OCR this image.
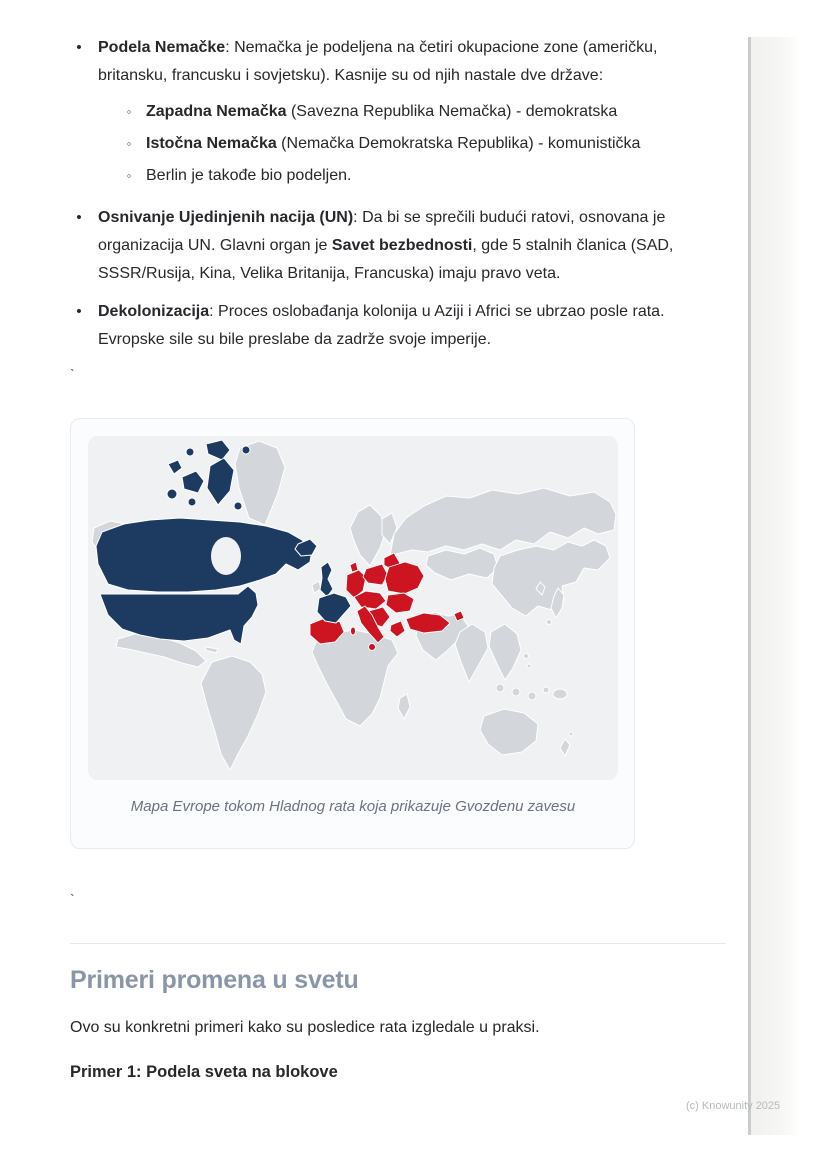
• Podela Nemačke: Nemačka je podeljena na četiri okupacione zone (američku, britansku, francusku i sovjetsku). Kasnije su od njih nastale dve države:

◦ Zapadna Nemačka (Savezna Republika Nemačka) - demokratska

◦ Istočna Nemačka (Nemačka Demokratska Republika) - komunistička

◦ Berlin je takođe bio podeljen.

• Osnivanje Ujedinjenih nacija (UN): Da bi se sprečili budući ratovi, osnovana je organizacija UN. Glavni organ je Savet bezbednosti, gde 5 stalnih članica (SAD, SSSR/Rusija, Kina, Velika Britanija, Francuska) imaju pravo veta.

• Dekolonizacija: Proces oslobađanja kolonija u Aziji i Africi se ubrzao posle rata. Evropske sile su bile preslabe da zadrže svoje imperije.

`
Mapa Evrope tokom Hladnog rata koja prikazuje Gvozdenu zavesu
`
Primeri promena u svetu

Ovo su konkretni primeri kako su posledice rata izgledale u praksi.

Primer 1: Podela sveta na blokove

(c) Knowunity 2025
